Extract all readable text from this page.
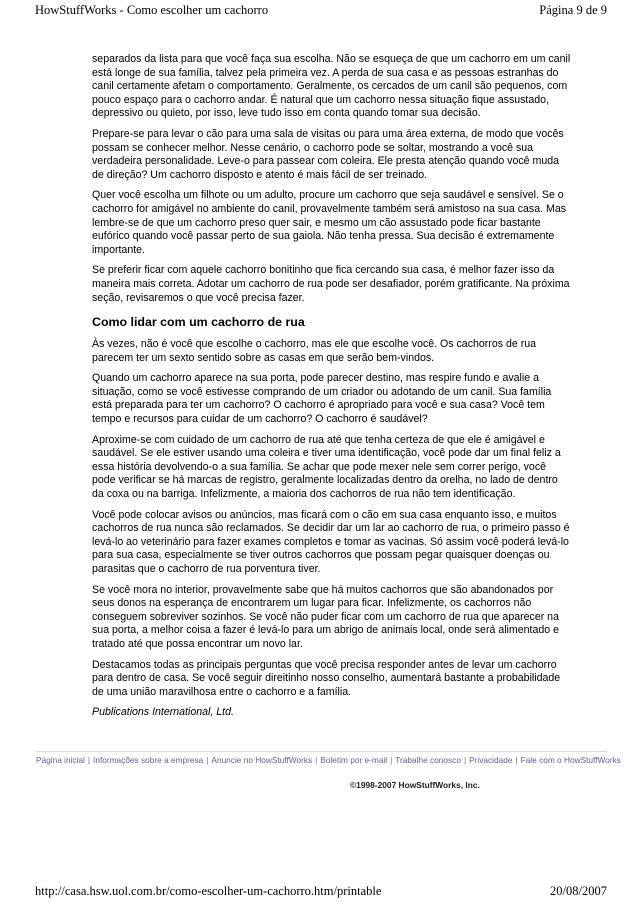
HowStuffWorks - Como escolher um cachorro	Página 9 de 9

separados da lista para que você faça sua escolha. Não se esqueça de que um cachorro em um canil está longe de sua família, talvez pela primeira vez. A perda de sua casa e as pessoas estranhas do canil certamente afetam o comportamento. Geralmente, os cercados de um canil são pequenos, com pouco espaço para o cachorro andar. É natural que um cachorro nessa situação fique assustado, depressivo ou quieto, por isso, leve tudo isso em conta quando tomar sua decisão.

Prepare-se para levar o cão para uma sala de visitas ou para uma área externa, de modo que vocês possam se conhecer melhor. Nesse cenário, o cachorro pode se soltar, mostrando a você sua verdadeira personalidade. Leve-o para passear com coleira. Ele presta atenção quando você muda de direção? Um cachorro disposto e atento é mais fácil de ser treinado.

Quer você escolha um filhote ou um adulto, procure um cachorro que seja saudável e sensível. Se o cachorro for amigável no ambiente do canil, provavelmente também será amistoso na sua casa. Mas lembre-se de que um cachorro preso quer sair, e mesmo um cão assustado pode ficar bastante eufórico quando você passar perto de sua gaiola. Não tenha pressa. Sua decisão é extremamente importante.

Se preferir ficar com aquele cachorro bonitinho que fica cercando sua casa, é melhor fazer isso da maneira mais correta. Adotar um cachorro de rua pode ser desafiador, porém gratificante. Na próxima seção, revisaremos o que você precisa fazer.

Como lidar com um cachorro de rua

Às vezes, não é você que escolhe o cachorro, mas ele que escolhe você. Os cachorros de rua parecem ter um sexto sentido sobre as casas em que serão bem-vindos.

Quando um cachorro aparece na sua porta, pode parecer destino, mas respire fundo e avalie a situação, como se você estivesse comprando de um criador ou adotando de um canil. Sua família está preparada para ter um cachorro? O cachorro é apropriado para você e sua casa? Você tem tempo e recursos para cuidar de um cachorro? O cachorro é saudável?

Aproxime-se com cuidado de um cachorro de rua até que tenha certeza de que ele é amigável e saudável. Se ele estiver usando uma coleira e tiver uma identificação, você pode dar um final feliz a essa história devolvendo-o a sua família. Se achar que pode mexer nele sem correr perigo, você pode verificar se há marcas de registro, geralmente localizadas dentro da orelha, no lado de dentro da coxa ou na barriga. Infelizmente, a maioria dos cachorros de rua não tem identificação.

Você pode colocar avisos ou anúncios, mas ficará com o cão em sua casa enquanto isso, e muitos cachorros de rua nunca são reclamados. Se decidir dar um lar ao cachorro de rua, o primeiro passo é levá-lo ao veterinário para fazer exames completos e tomar as vacinas. Só assim você poderá levá-lo para sua casa, especialmente se tiver outros cachorros que possam pegar quaisquer doenças ou parasitas que o cachorro de rua porventura tiver.

Se você mora no interior, provavelmente sabe que há muitos cachorros que são abandonados por seus donos na esperança de encontrarem um lugar para ficar. Infelizmente, os cachorros não conseguem sobreviver sozinhos. Se você não puder ficar com um cachorro de rua que aparecer na sua porta, a melhor coisa a fazer é levá-lo para um abrigo de animais local, onde será alimentado e tratado até que possa encontrar um novo lar.

Destacamos todas as principais perguntas que você precisa responder antes de levar um cachorro para dentro de casa. Se você seguir direitinho nosso conselho, aumentará bastante a probabilidade de uma união maravilhosa entre o cachorro e a família.

Publications International, Ltd.

Página inicial | Informações sobre a empresa | Anuncie no HowStuffWorks | Boletim por e-mail | Trabalhe conosco | Privacidade | Fale com o HowStuffWorks
©1998-2007 HowStuffWorks, Inc.
http://casa.hsw.uol.com.br/como-escolher-um-cachorro.htm/printable	20/08/2007
